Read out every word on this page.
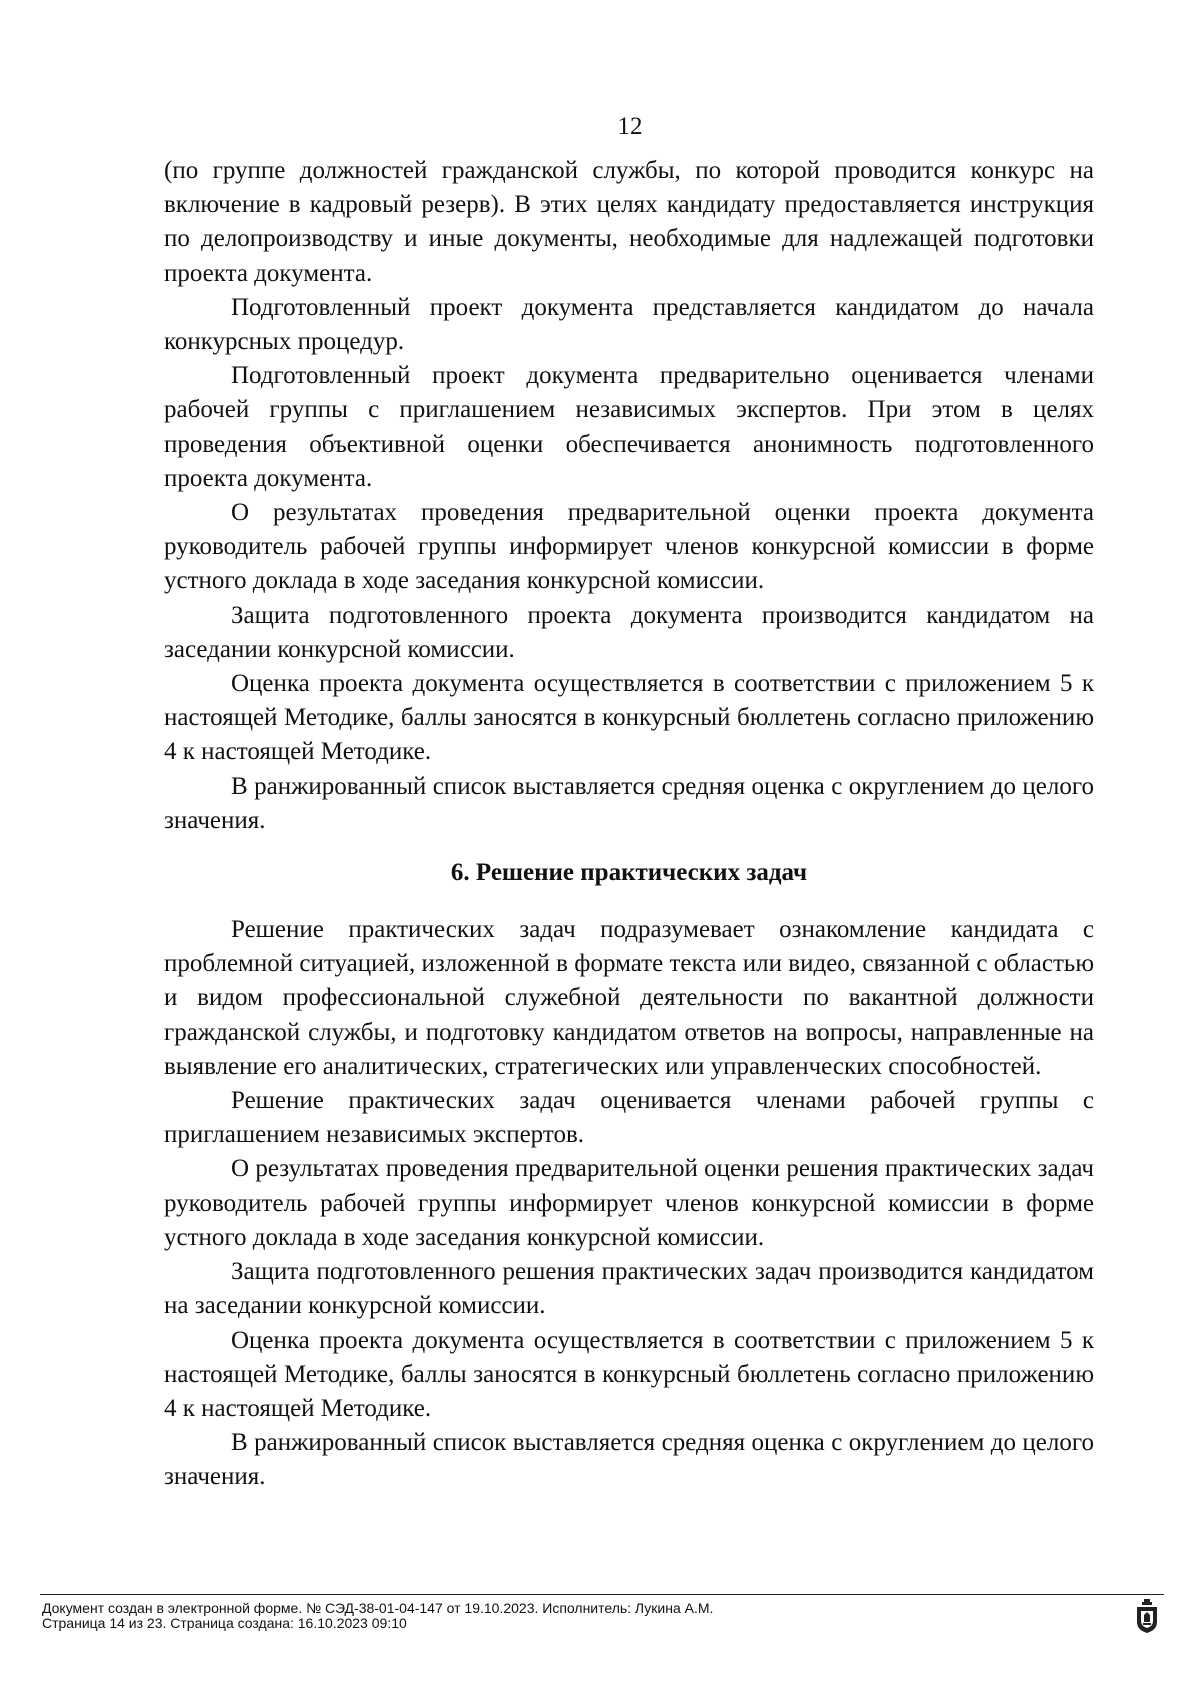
12

(по группе должностей гражданской службы, по которой проводится конкурс на включение в кадровый резерв). В этих целях кандидату предоставляется инструкция по делопроизводству и иные документы, необходимые для надлежащей подготовки проекта документа.

Подготовленный проект документа представляется кандидатом до начала конкурсных процедур.

Подготовленный проект документа предварительно оценивается членами рабочей группы с приглашением независимых экспертов. При этом в целях проведения объективной оценки обеспечивается анонимность подготовленного проекта документа.

О результатах проведения предварительной оценки проекта документа руководитель рабочей группы информирует членов конкурсной комиссии в форме устного доклада в ходе заседания конкурсной комиссии.

Защита подготовленного проекта документа производится кандидатом на заседании конкурсной комиссии.

Оценка проекта документа осуществляется в соответствии с приложением 5 к настоящей Методике, баллы заносятся в конкурсный бюллетень согласно приложению 4 к настоящей Методике.

В ранжированный список выставляется средняя оценка с округлением до целого значения.

6. Решение практических задач

Решение практических задач подразумевает ознакомление кандидата с проблемной ситуацией, изложенной в формате текста или видео, связанной с областью и видом профессиональной служебной деятельности по вакантной должности гражданской службы, и подготовку кандидатом ответов на вопросы, направленные на выявление его аналитических, стратегических или управленческих способностей.

Решение практических задач оценивается членами рабочей группы с приглашением независимых экспертов.

О результатах проведения предварительной оценки решения практических задач руководитель рабочей группы информирует членов конкурсной комиссии в форме устного доклада в ходе заседания конкурсной комиссии.

Защита подготовленного решения практических задач производится кандидатом на заседании конкурсной комиссии.

Оценка проекта документа осуществляется в соответствии с приложением 5 к настоящей Методике, баллы заносятся в конкурсный бюллетень согласно приложению 4 к настоящей Методике.

В ранжированный список выставляется средняя оценка с округлением до целого значения.

Документ создан в электронной форме. № СЭД-38-01-04-147 от 19.10.2023. Исполнитель: Лукина А.М.
Страница 14 из 23. Страница создана: 16.10.2023 09:10
